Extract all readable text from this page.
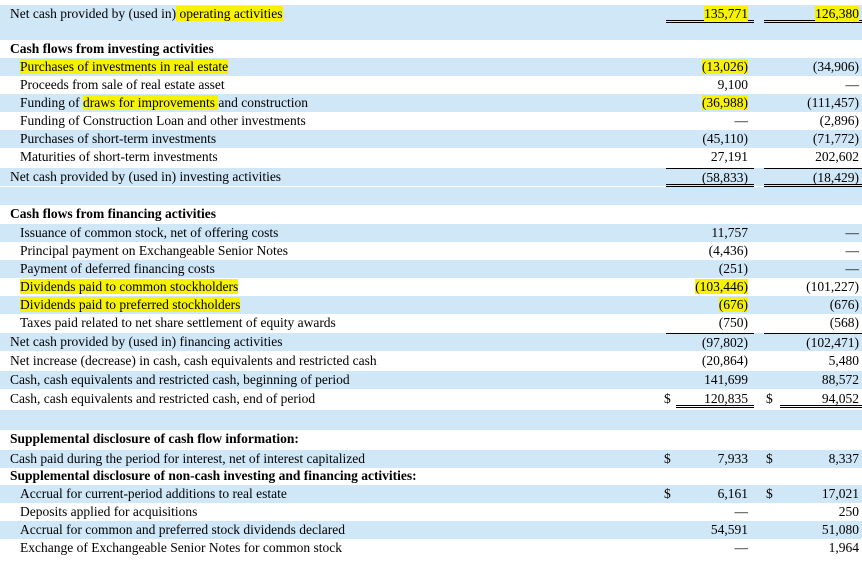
Net cash provided by (used in) operating activities	135,771	126,380
Cash flows from investing activities
Purchases of investments in real estate	(13,026)	(34,906)
Proceeds from sale of real estate asset	9,100	—
Funding of draws for improvements and construction	(36,988)	(111,457)
Funding of Construction Loan and other investments	—	(2,896)
Purchases of short-term investments	(45,110)	(71,772)
Maturities of short-term investments	27,191	202,602
Net cash provided by (used in) investing activities	(58,833)	(18,429)
Cash flows from financing activities
Issuance of common stock, net of offering costs	11,757	—
Principal payment on Exchangeable Senior Notes	(4,436)	—
Payment of deferred financing costs	(251)	—
Dividends paid to common stockholders	(103,446)	(101,227)
Dividends paid to preferred stockholders	(676)	(676)
Taxes paid related to net share settlement of equity awards	(750)	(568)
Net cash provided by (used in) financing activities	(97,802)	(102,471)
Net increase (decrease) in cash, cash equivalents and restricted cash	(20,864)	5,480
Cash, cash equivalents and restricted cash, beginning of period	141,699	88,572
Cash, cash equivalents and restricted cash, end of period	$	120,835	$	94,052
Supplemental disclosure of cash flow information:
Cash paid during the period for interest, net of interest capitalized	$	7,933	$	8,337
Supplemental disclosure of non-cash investing and financing activities:
Accrual for current-period additions to real estate	$	6,161	$	17,021
Deposits applied for acquisitions	—	250
Accrual for common and preferred stock dividends declared	54,591	51,080
Exchange of Exchangeable Senior Notes for common stock	—	1,964
